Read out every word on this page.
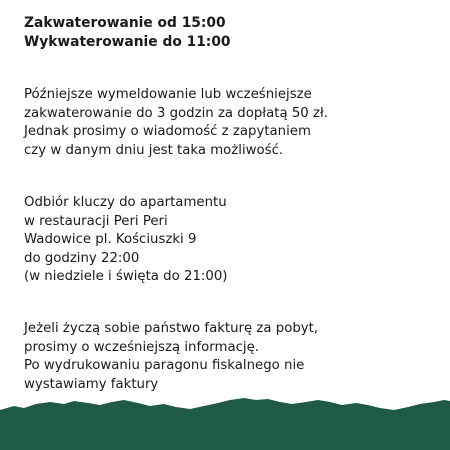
Zakwaterowanie od 15:00

Wykwaterowanie do 11:00

Późniejsze wymeldowanie lub wcześniejsze

zakwaterowanie do 3 godzin za dopłatą 50 zł.

Jednak prosimy o wiadomość z zapytaniem

czy w danym dniu jest taka możliwość.

Odbiór kluczy do apartamentu

w restauracji Peri Peri

Wadowice pl. Kościuszki 9

do godziny 22:00

(w niedziele i święta do 21:00)

Jeżeli życzą sobie państwo fakturę za pobyt,

prosimy o wcześniejszą informację.

Po wydrukowaniu paragonu fiskalnego nie

wystawiamy faktury
